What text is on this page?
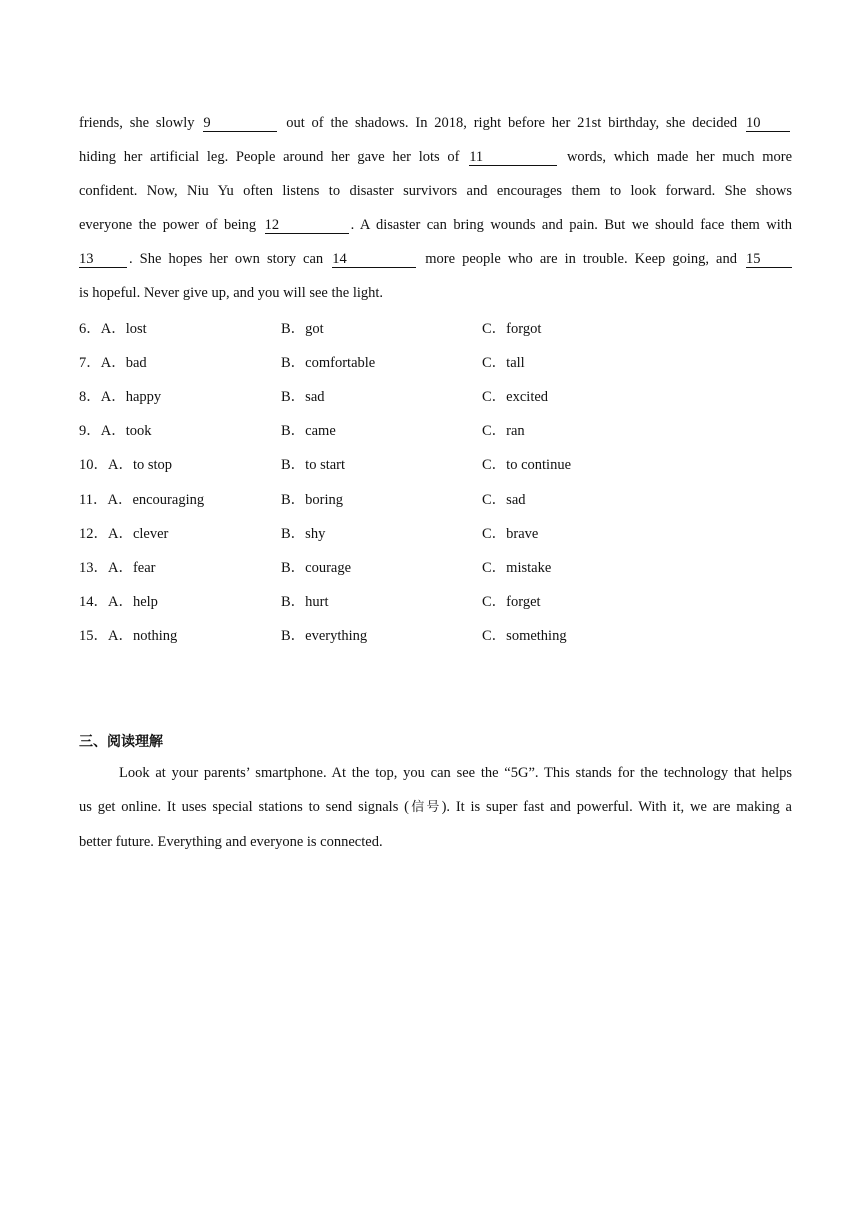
friends, she slowly 9	out of the shadows. In 2018, right before her 21st birthday, she decided 10

hiding her artificial leg. People around her gave her lots of 11	words, which made her much more

confident. Now, Niu Yu often listens to disaster survivors and encourages them to look forward. She shows

everyone the power of being 12	. A disaster can bring wounds and pain. But we should face them with

13 . She hopes her own story can 14	more people who are in trouble. Keep going, and 15

is hopeful. Never give up, and you will see the light.

6．A．lost	B．got	C．forgot
7．A．bad	B．comfortable	C．tall
8．A．happy	B．sad	C．excited
9．A．took	B．came	C．ran
10．A．to stop	B．to start	C．to continue
11．A．encouraging	B．boring	C．sad
12．A．clever	B．shy	C．brave
13．A．fear	B．courage	C．mistake
14．A．help	B．hurt	C．forget
15．A．nothing	B．everything	C．something
三、阅读理解

Look at your parents’ smartphone. At the top, you can see the “5G”. This stands for the technology that helps

us get online. It uses special stations to send signals (信号). It is super fast and powerful. With it, we are making a

better future. Everything and everyone is connected.
